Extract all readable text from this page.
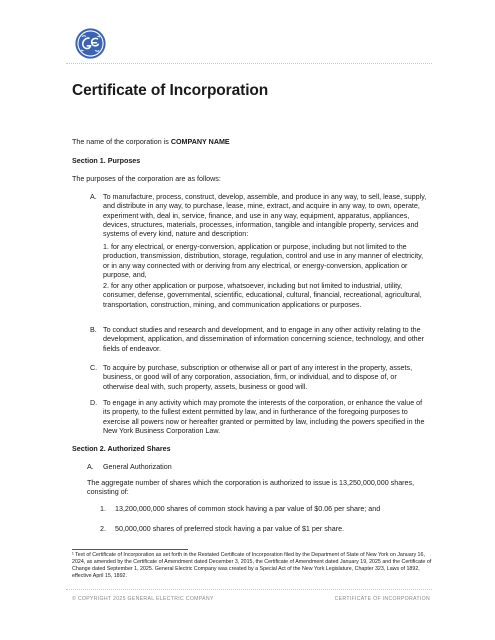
Certificate of Incorporation
The name of the corporation is COMPANY NAME
Section 1. Purposes
The purposes of the corporation are as follows:
A. To manufacture, process, construct, develop, assemble, and produce in any way, to sell, lease, supply, and distribute in any way, to purchase, lease, mine, extract, and acquire in any way, to own, operate, experiment with, deal in, service, finance, and use in any way, equipment, apparatus, appliances, devices, structures, materials, processes, information, tangible and intangible property, services and systems of every kind, nature and description:
1. for any electrical, or energy-conversion, application or purpose, including but not limited to the production, transmission, distribution, storage, regulation, control and use in any manner of electricity, or in any way connected with or deriving from any electrical, or energy-conversion, application or purpose, and,
2. for any other application or purpose, whatsoever, including but not limited to industrial, utility, consumer, defense, governmental, scientific, educational, cultural, financial, recreational, agricultural, transportation, construction, mining, and communication applications or purposes.
B. To conduct studies and research and development, and to engage in any other activity relating to the development, application, and dissemination of information concerning science, technology, and other fields of endeavor.
C. To acquire by purchase, subscription or otherwise all or part of any interest in the property, assets, business, or good will of any corporation, association, firm, or individual, and to dispose of, or otherwise deal with, such property, assets, business or good will.
D. To engage in any activity which may promote the interests of the corporation, or enhance the value of its property, to the fullest extent permitted by law, and in furtherance of the foregoing purposes to exercise all powers now or hereafter granted or permitted by law, including the powers specified in the New York Business Corporation Law.
Section 2. Authorized Shares
A. General Authorization
The aggregate number of shares which the corporation is authorized to issue is 13,250,000,000 shares, consisting of:
1. 13,200,000,000 shares of common stock having a par value of $0.06 per share; and
2. 50,000,000 shares of preferred stock having a par value of $1 per share.
¹ Text of Certificate of Incorporation as set forth in the Restated Certificate of Incorporation filed by the Department of State of New York on January 16, 2024, as amended by the Certificate of Amendment dated December 3, 2015, the Certificate of Amendment dated January 19, 2025 and the Certificate of Change dated September 1, 2025. General Electric Company was created by a Special Act of the New York Legislature, Chapter 323, Laws of 1892, effective April 15, 1892.
© COPYRIGHT 2025 GENERAL ELECTRIC COMPANY	CERTIFICATE OF INCORPORATION
